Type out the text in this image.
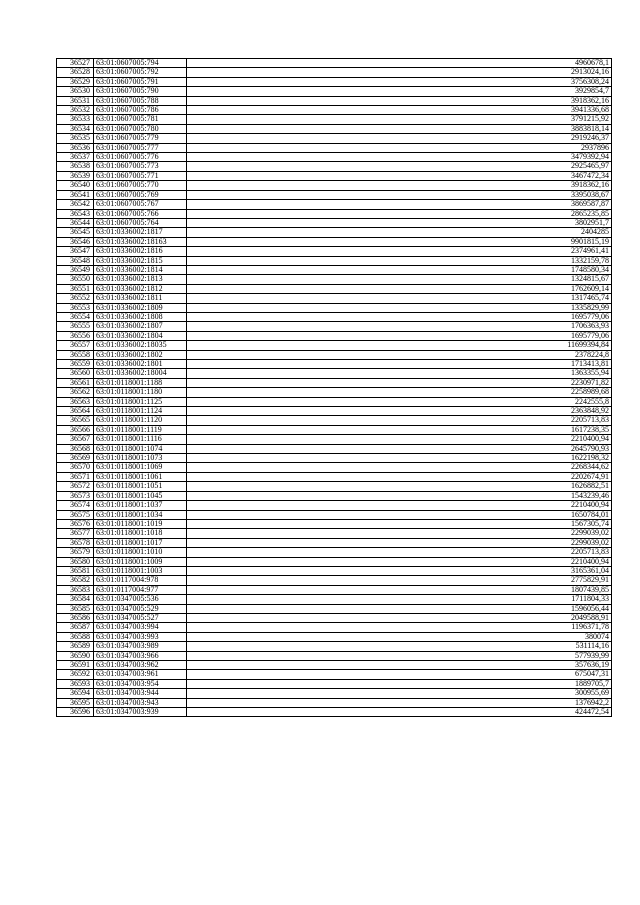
36527	63:01:0607005:794	4960678,1
36528	63:01:0607005:792	2913024,16
36529	63:01:0607005:791	3756308,24
36530	63:01:0607005:790	3929854,7
36531	63:01:0607005:788	3918362,16
36532	63:01:0607005:786	3941336,68
36533	63:01:0607005:781	3791215,92
36534	63:01:0607005:780	3883818,14
36535	63:01:0607005:779	2919246,37
36536	63:01:0607005:777	2937896
36537	63:01:0607005:776	3479392,94
36538	63:01:0607005:773	2925465,97
36539	63:01:0607005:771	3467472,34
36540	63:01:0607005:770	3918362,16
36541	63:01:0607005:769	3395038,67
36542	63:01:0607005:767	3869587,87
36543	63:01:0607005:766	2865235,85
36544	63:01:0607005:764	3802951,7
36545	63:01:0336002:1817	2404285
36546	63:01:0336002:18163	9901815,19
36547	63:01:0336002:1816	2374961,41
36548	63:01:0336002:1815	1332159,78
36549	63:01:0336002:1814	1748580,34
36550	63:01:0336002:1813	1324815,67
36551	63:01:0336002:1812	1762609,14
36552	63:01:0336002:1811	1317465,74
36553	63:01:0336002:1809	1335829,99
36554	63:01:0336002:1808	1695779,06
36555	63:01:0336002:1807	1706363,93
36556	63:01:0336002:1804	1695779,06
36557	63:01:0336002:18035	11699394,84
36558	63:01:0336002:1802	2378224,8
36559	63:01:0336002:1801	1713413,81
36560	63:01:0336002:18004	1363355,94
36561	63:01:0118001:1188	2230971,82
36562	63:01:0118001:1180	2258989,68
36563	63:01:0118001:1125	2242555,8
36564	63:01:0118001:1124	2363848,92
36565	63:01:0118001:1120	2205713,83
36566	63:01:0118001:1119	1617238,35
36567	63:01:0118001:1116	2210400,94
36568	63:01:0118001:1074	2645790,93
36569	63:01:0118001:1073	1622198,32
36570	63:01:0118001:1069	2268344,62
36571	63:01:0118001:1061	2202674,91
36572	63:01:0118001:1051	1626882,51
36573	63:01:0118001:1045	1543239,46
36574	63:01:0118001:1037	2210400,94
36575	63:01:0118001:1034	1650784,01
36576	63:01:0118001:1019	1567305,74
36577	63:01:0118001:1018	2299039,02
36578	63:01:0118001:1017	2299039,02
36579	63:01:0118001:1010	2205713,83
36580	63:01:0118001:1009	2210400,94
36581	63:01:0118001:1003	3165361,04
36582	63:01:0117004:978	2775829,91
36583	63:01:0117004:977	1807439,85
36584	63:01:0347005:536	1711804,33
36585	63:01:0347005:529	1596056,44
36586	63:01:0347005:527	2049588,91
36587	63:01:0347003:994	1196371,78
36588	63:01:0347003:993	380074
36589	63:01:0347003:989	531114,16
36590	63:01:0347003:966	577939,99
36591	63:01:0347003:962	357636,19
36592	63:01:0347003:961	675047,31
36593	63:01:0347003:954	1889705,7
36594	63:01:0347003:944	300955,69
36595	63:01:0347003:943	1376942,2
36596	63:01:0347003:939	424472,54
